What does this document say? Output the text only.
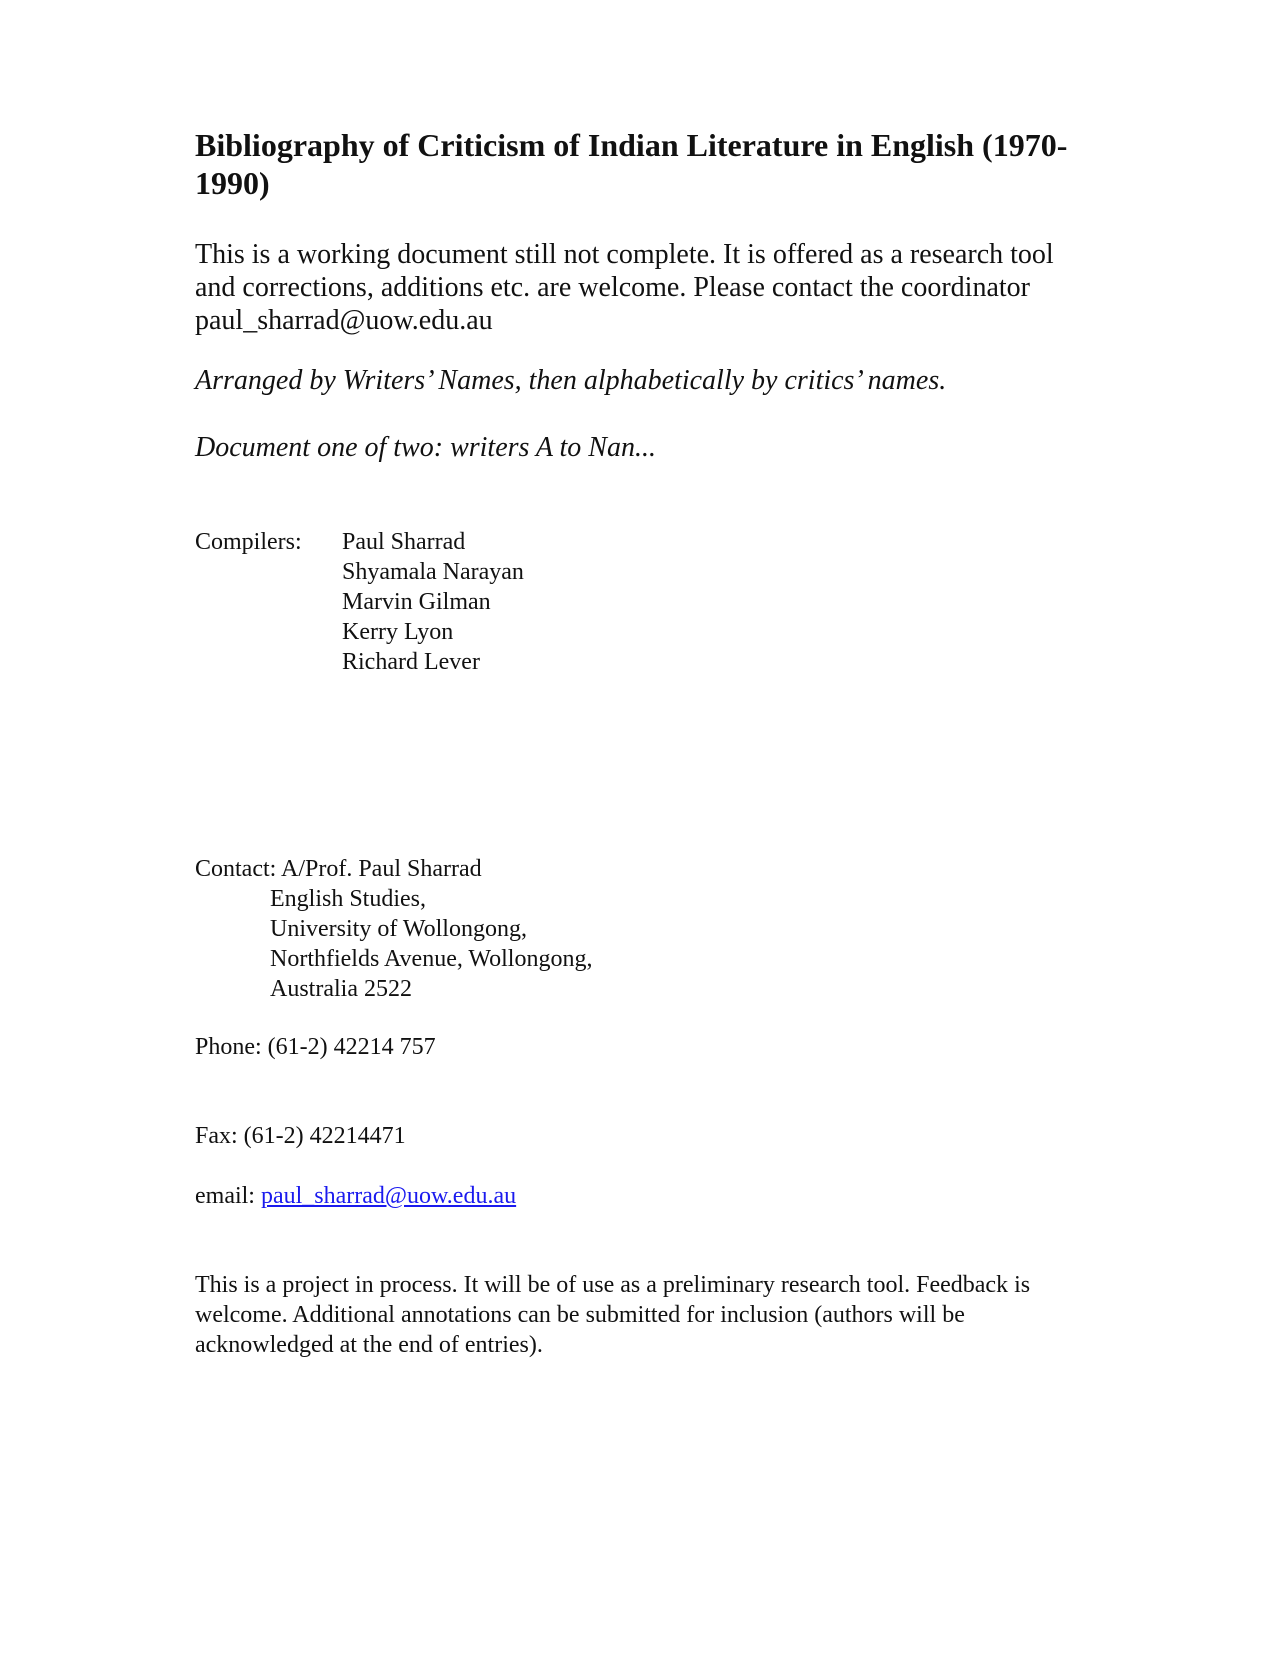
Bibliography of Criticism of Indian Literature in English (1970-1990)

This is a working document still not complete. It is offered as a research tool and corrections, additions etc. are welcome. Please contact the coordinator paul_sharrad@uow.edu.au

Arranged by Writers’ Names, then alphabetically by critics’ names.

Document one of two: writers A to Nan...

Compilers: Paul Sharrad
Shyamala Narayan
Marvin Gilman
Kerry Lyon
Richard Lever

Contact: A/Prof. Paul Sharrad

English Studies,
University of Wollongong,
Northfields Avenue, Wollongong,
Australia 2522

Phone: (61-2) 42214 757

Fax: (61-2) 42214471

email: paul_sharrad@uow.edu.au

This is a project in process. It will be of use as a preliminary research tool. Feedback is welcome. Additional annotations can be submitted for inclusion (authors will be acknowledged at the end of entries).
